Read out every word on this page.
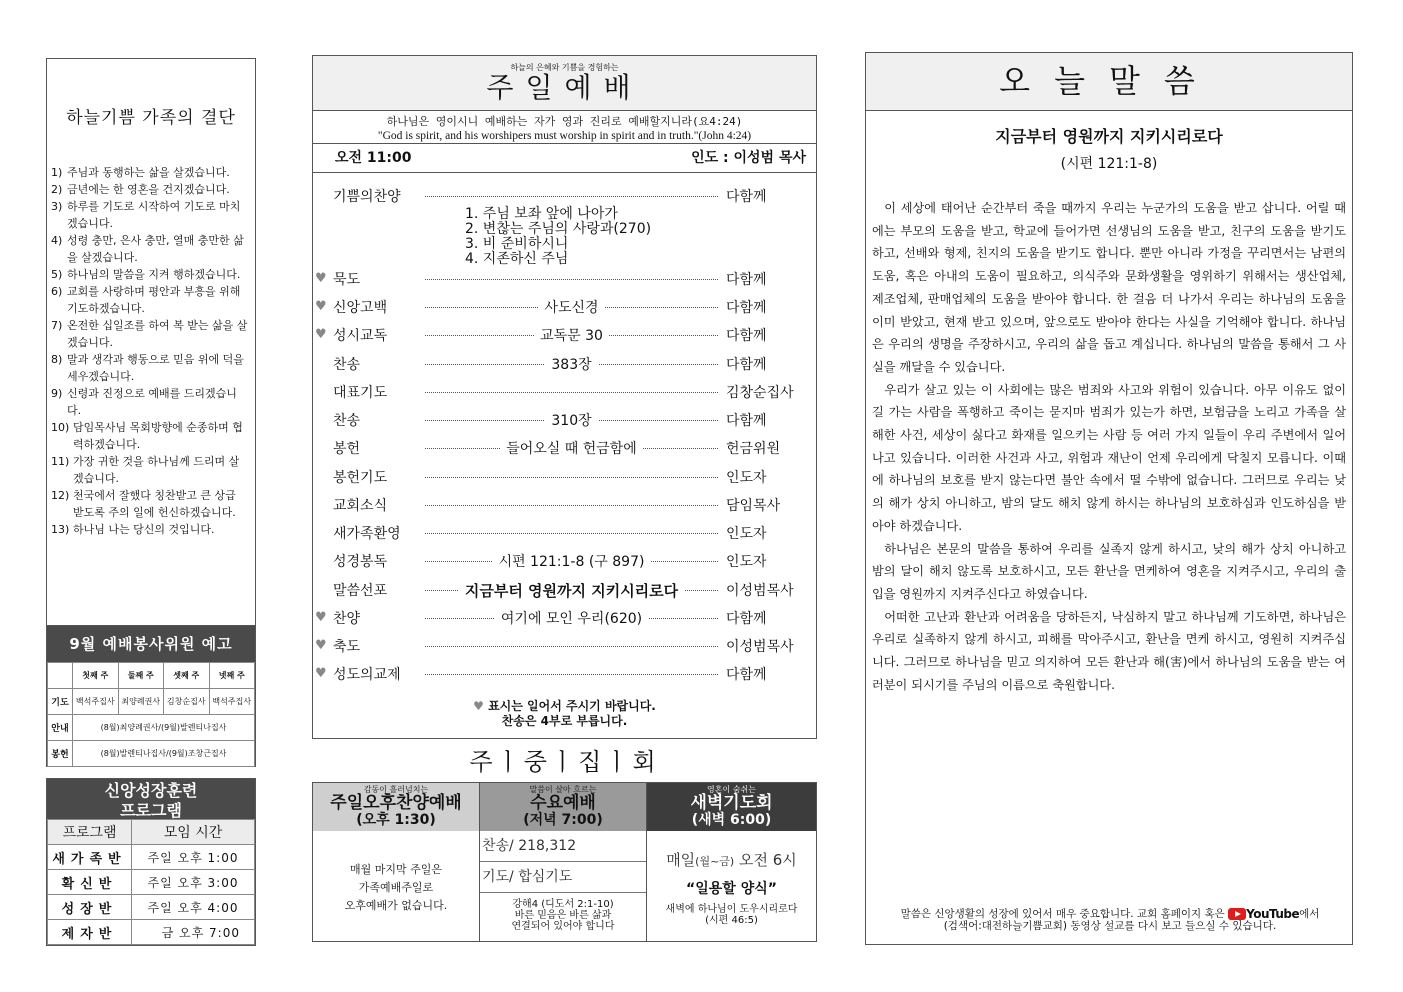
하늘기쁨 가족의 결단
1) 주님과 동행하는 삶을 살겠습니다.
2) 금년에는 한 영혼을 건지겠습니다.
3) 하루를 기도로 시작하여 기도로 마치겠습니다.
4) 성령 충만, 은사 충만, 열매 충만한 삶을 살겠습니다.
5) 하나님의 말씀을 지켜 행하겠습니다.
6) 교회를 사랑하며 평안과 부흥을 위해 기도하겠습니다.
7) 온전한 십일조를 하여 복 받는 삶을 살겠습니다.
8) 말과 생각과 행동으로 믿음 위에 덕을 세우겠습니다.
9) 신령과 진정으로 예배를 드리겠습니다.
10) 담임목사님 목회방향에 순종하며 협력하겠습니다.
11) 가장 귀한 것을 하나님께 드리며 살겠습니다.
12) 천국에서 잘했다 칭찬받고 큰 상급 받도록 주의 일에 헌신하겠습니다.
13) 하나님 나는 당신의 것입니다.
9월 예배봉사위원 예고
	첫째 주	둘째 주	셋째 주	넷째 주
기도	백석주집사	최양례권사	김창순집사	백석주집사
안내	(8월)최양례권사/(9월)발렌티나집사			
봉헌	(8월)발렌티나집사/(9월)조창근집사			
신앙성장훈련
프로그램
프로그램	모임 시간
새가족반	주일 오후 1:00
확신반	주일 오후 3:00
성장반	주일 오후 4:00
제자반	금 오후 7:00
하늘의 은혜와 기쁨을 경험하는
주일예배
하나님은 영이시니 예배하는 자가 영과 진리로 예배할지니라(요4:24)
"God is spirit, and his worshipers must worship in spirit and in truth."(John 4:24)
오전 11:00	인도 : 이성범 목사
기쁨의찬양	다함께
1. 주님 보좌 앞에 나아가
2. 변찮는 주님의 사랑과(270)
3. 비 준비하시니
4. 지존하신 주님
♥ 묵도	다함께
♥ 신앙고백	사도신경	다함께
♥ 성시교독	교독문 30	다함께
찬송	383장	다함께
대표기도	김창순집사
찬송	310장	다함께
봉헌	들어오실 때 헌금함에	헌금위원
봉헌기도	인도자
교회소식	담임목사
새가족환영	인도자
성경봉독	시편 121:1-8 (구 897)	인도자
말씀선포	지금부터 영원까지 지키시리로다	이성범목사
♥ 찬양	여기에 모인 우리(620)	다함께
♥ 축도	이성범목사
♥ 성도의교제	다함께
♥ 표시는 일어서 주시기 바랍니다.
찬송은 4부로 부릅니다.
주ㅣ중ㅣ집ㅣ회
감동이 흘러넘치는
주일오후찬양예배
(오후 1:30)
매월 마지막 주일은
가족예배주일로
오후예배가 없습니다.
말씀이 살아 흐르는
수요예배
(저녁 7:00)
찬송/ 218,312
기도/ 합심기도
강해4 (디도서 2:1-10)
바른 믿음은 바른 삶과
연결되어 있어야 합니다
영혼이 숨쉬는
새벽기도회
(새벽 6:00)
매일(월~금) 오전 6시
“일용할 양식”
새벽에 하나님이 도우시리로다
(시편 46:5)
오늘말씀
지금부터 영원까지 지키시리로다
(시편 121:1-8)

이 세상에 태어난 순간부터 죽을 때까지 우리는 누군가의 도움을 받고 삽니다. 어릴 때에는 부모의 도움을 받고, 학교에 들어가면 선생님의 도움을 받고, 친구의 도움을 받기도 하고, 선배와 형제, 친지의 도움을 받기도 합니다. 뿐만 아니라 가정을 꾸리면서는 남편의 도움, 혹은 아내의 도움이 필요하고, 의식주와 문화생활을 영위하기 위해서는 생산업체, 제조업체, 판매업체의 도움을 받아야 합니다. 한 걸음 더 나가서 우리는 하나님의 도움을 이미 받았고, 현재 받고 있으며, 앞으로도 받아야 한다는 사실을 기억해야 합니다. 하나님은 우리의 생명을 주장하시고, 우리의 삶을 돕고 계십니다. 하나님의 말씀을 통해서 그 사실을 깨달을 수 있습니다.

우리가 살고 있는 이 사회에는 많은 범죄와 사고와 위험이 있습니다. 아무 이유도 없이 길 가는 사람을 폭행하고 죽이는 묻지마 범죄가 있는가 하면, 보험금을 노리고 가족을 살해한 사건, 세상이 싫다고 화재를 일으키는 사람 등 여러 가지 일들이 우리 주변에서 일어나고 있습니다. 이러한 사건과 사고, 위험과 재난이 언제 우리에게 닥칠지 모릅니다. 이때에 하나님의 보호를 받지 않는다면 불안 속에서 떨 수밖에 없습니다. 그러므로 우리는 낮의 해가 상치 아니하고, 밤의 달도 해치 않게 하시는 하나님의 보호하심과 인도하심을 받아야 하겠습니다.

하나님은 본문의 말씀을 통하여 우리를 실족지 않게 하시고, 낮의 해가 상치 아니하고 밤의 달이 해치 않도록 보호하시고, 모든 환난을 면케하여 영혼을 지켜주시고, 우리의 출입을 영원까지 지켜주신다고 하였습니다.

어떠한 고난과 환난과 어려움을 당하든지, 낙심하지 말고 하나님께 기도하면, 하나님은 우리로 실족하지 않게 하시고, 피해를 막아주시고, 환난을 면케 하시고, 영원히 지켜주십니다. 그러므로 하나님을 믿고 의지하여 모든 환난과 해(害)에서 하나님의 도움을 받는 여러분이 되시기를 주님의 이름으로 축원합니다.

말씀은 신앙생활의 성장에 있어서 매우 중요합니다. 교회 홈페이지 혹은 YouTube에서
(검색어:대전하늘기쁨교회) 동영상 설교를 다시 보고 들으실 수 있습니다.
